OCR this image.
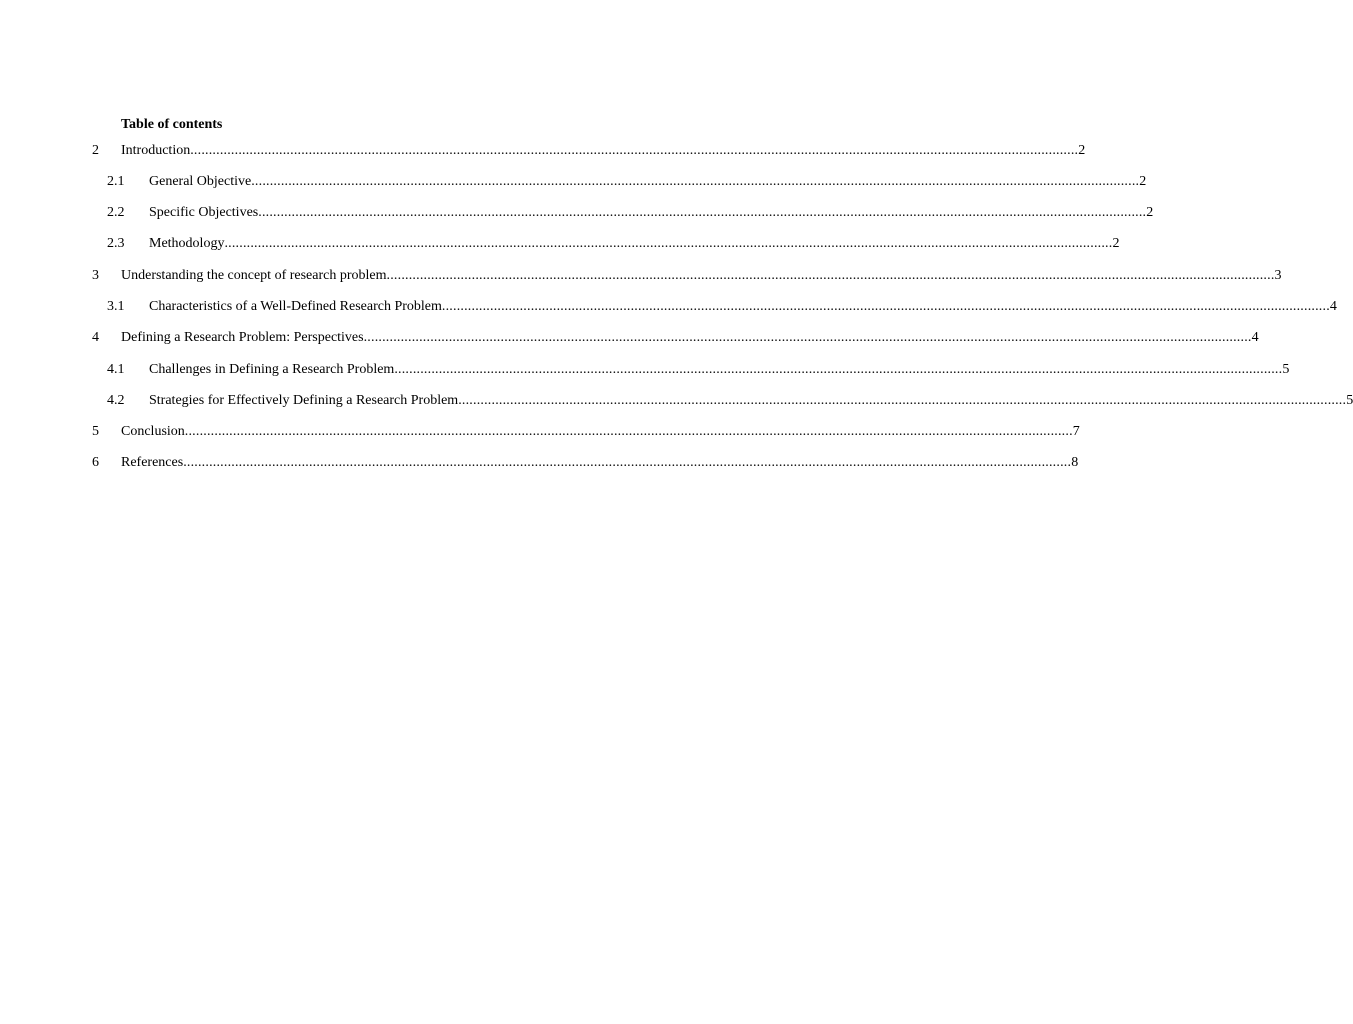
Table of contents
2 Introduction ................................................................................................................................................................................................................................................ 2
2.1 General Objective ................................................................................................................................................................................................................................................ 2
2.2 Specific Objectives ................................................................................................................................................................................................................................................ 2
2.3 Methodology ................................................................................................................................................................................................................................................ 2
3 Understanding the concept of research problem ................................................................................................................................................................................................................................................ 3
3.1 Characteristics of a Well-Defined Research Problem ................................................................................................................................................................................................................................................ 4
4 Defining a Research Problem: Perspectives ................................................................................................................................................................................................................................................ 4
4.1 Challenges in Defining a Research Problem ................................................................................................................................................................................................................................................ 5
4.2 Strategies for Effectively Defining a Research Problem ................................................................................................................................................................................................................................................ 5
5 Conclusion ................................................................................................................................................................................................................................................ 7
6 References ................................................................................................................................................................................................................................................ 8
